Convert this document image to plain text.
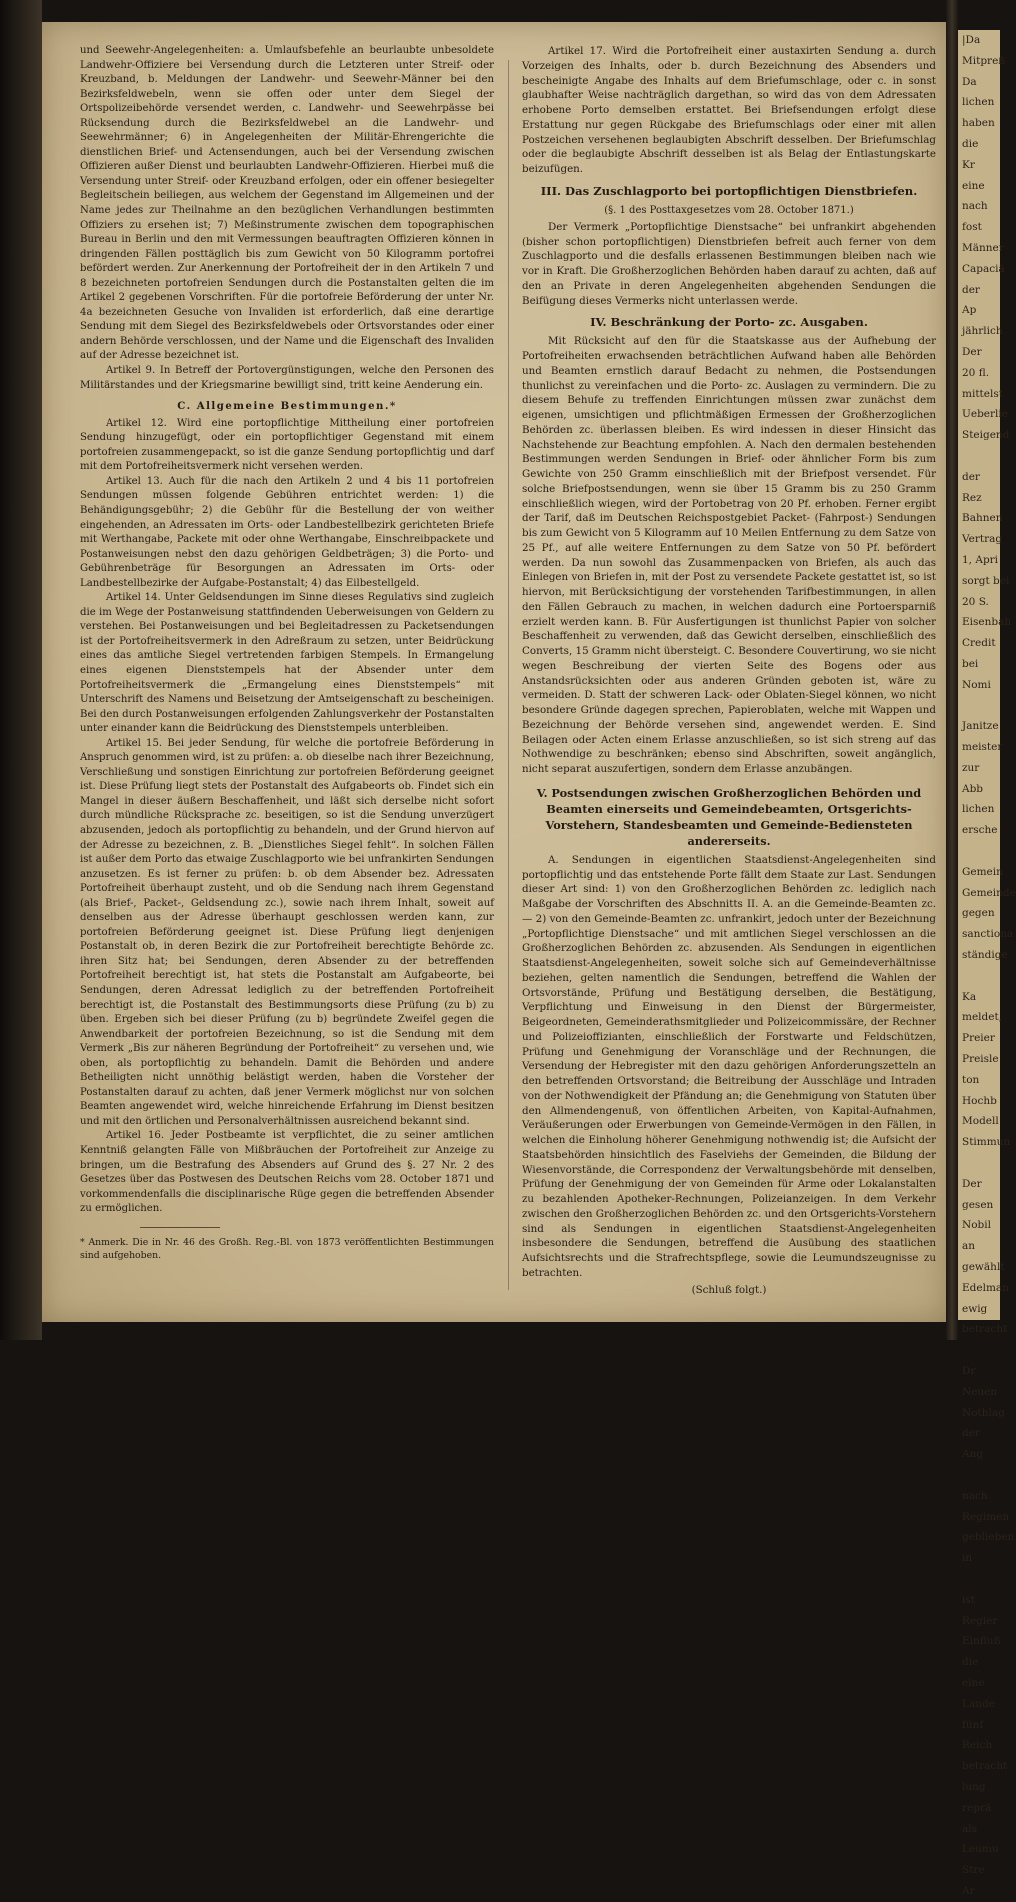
und Seewehr-Angelegenheiten: a. Umlaufsbefehle an beurlaubte unbesoldete Landwehr-Offiziere bei Versendung durch die Letzteren unter Streif- oder Kreuzband, b. Meldungen der Landwehr- und Seewehr-Männer bei den Bezirksfeldwebeln, wenn sie offen oder unter dem Siegel der Ortspolizeibehörde versendet werden, c. Landwehr- und Seewehrpässe bei Rücksendung durch die Bezirksfeldwebel an die Landwehr- und Seewehrmänner; 6) in Angelegenheiten der Militär-Ehrengerichte die dienstlichen Brief- und Actensendungen, auch bei der Versendung zwischen Offizieren außer Dienst und beurlaubten Landwehr-Offizieren. Hierbei muß die Versendung unter Streif- oder Kreuzband erfolgen, oder ein offener besiegelter Begleitschein beiliegen, aus welchem der Gegenstand im Allgemeinen und der Name jedes zur Theilnahme an den bezüglichen Verhandlungen bestimmten Offiziers zu ersehen ist; 7) Meßinstrumente zwischen dem topographischen Bureau in Berlin und den mit Vermessungen beauftragten Offizieren können in dringenden Fällen posttäglich bis zum Gewicht von 50 Kilogramm portofrei befördert werden. Zur Anerkennung der Portofreiheit der in den Artikeln 7 und 8 bezeichneten portofreien Sendungen durch die Postanstalten gelten die im Artikel 2 gegebenen Vorschriften. Für die portofreie Beförderung der unter Nr. 4a bezeichneten Gesuche von Invaliden ist erforderlich, daß eine derartige Sendung mit dem Siegel des Bezirksfeldwebels oder Ortsvorstandes oder einer andern Behörde verschlossen, und der Name und die Eigenschaft des Invaliden auf der Adresse bezeichnet ist.

Artikel 9. In Betreff der Portovergünstigungen, welche den Personen des Militärstandes und der Kriegsmarine bewilligt sind, tritt keine Aenderung ein.

C. Allgemeine Bestimmungen.*

Artikel 12. Wird eine portopflichtige Mittheilung einer portofreien Sendung hinzugefügt, oder ein portopflichtiger Gegenstand mit einem portofreien zusammengepackt, so ist die ganze Sendung portopflichtig und darf mit dem Portofreiheitsvermerk nicht versehen werden.

Artikel 13. Auch für die nach den Artikeln 2 und 4 bis 11 portofreien Sendungen müssen folgende Gebühren entrichtet werden: 1) die Behändigungsgebühr; 2) die Gebühr für die Bestellung der von weither eingehenden, an Adressaten im Orts- oder Landbestellbezirk gerichteten Briefe mit Werthangabe, Packete mit oder ohne Werthangabe, Einschreibpackete und Postanweisungen nebst den dazu gehörigen Geldbeträgen; 3) die Porto- und Gebührenbeträge für Besorgungen an Adressaten im Orts- oder Landbestellbezirke der Aufgabe-Postanstalt; 4) das Eilbestellgeld.

Artikel 14. Unter Geldsendungen im Sinne dieses Regulativs sind zugleich die im Wege der Postanweisung stattfindenden Ueberweisungen von Geldern zu verstehen. Bei Postanweisungen und bei Begleitadressen zu Packetsendungen ist der Portofreiheitsvermerk in den Adreßraum zu setzen, unter Beidrückung eines das amtliche Siegel vertretenden farbigen Stempels. In Ermangelung eines eigenen Dienststempels hat der Absender unter dem Portofreiheitsvermerk die „Ermangelung eines Dienststempels“ mit Unterschrift des Namens und Beisetzung der Amtseigenschaft zu bescheinigen. Bei den durch Postanweisungen erfolgenden Zahlungsverkehr der Postanstalten unter einander kann die Beidrückung des Dienststempels unterbleiben.

Artikel 15. Bei jeder Sendung, für welche die portofreie Beförderung in Anspruch genommen wird, ist zu prüfen: a. ob dieselbe nach ihrer Bezeichnung, Verschließung und sonstigen Einrichtung zur portofreien Beförderung geeignet ist. Diese Prüfung liegt stets der Postanstalt des Aufgabeorts ob. Findet sich ein Mangel in dieser äußern Beschaffenheit, und läßt sich derselbe nicht sofort durch mündliche Rücksprache zc. beseitigen, so ist die Sendung unverzügert abzusenden, jedoch als portopflichtig zu behandeln, und der Grund hiervon auf der Adresse zu bezeichnen, z. B. „Dienstliches Siegel fehlt“. In solchen Fällen ist außer dem Porto das etwaige Zuschlagporto wie bei unfrankirten Sendungen anzusetzen. Es ist ferner zu prüfen: b. ob dem Absender bez. Adressaten Portofreiheit überhaupt zusteht, und ob die Sendung nach ihrem Gegenstand (als Brief-, Packet-, Geldsendung zc.), sowie nach ihrem Inhalt, soweit auf denselben aus der Adresse überhaupt geschlossen werden kann, zur portofreien Beförderung geeignet ist. Diese Prüfung liegt denjenigen Postanstalt ob, in deren Bezirk die zur Portofreiheit berechtigte Behörde zc. ihren Sitz hat; bei Sendungen, deren Absender zu der betreffenden Portofreiheit berechtigt ist, hat stets die Postanstalt am Aufgabeorte, bei Sendungen, deren Adressat lediglich zu der betreffenden Portofreiheit berechtigt ist, die Postanstalt des Bestimmungsorts diese Prüfung (zu b) zu üben. Ergeben sich bei dieser Prüfung (zu b) begründete Zweifel gegen die Anwendbarkeit der portofreien Bezeichnung, so ist die Sendung mit dem Vermerk „Bis zur näheren Begründung der Portofreiheit“ zu versehen und, wie oben, als portopflichtig zu behandeln. Damit die Behörden und andere Betheiligten nicht unnöthig belästigt werden, haben die Vorsteher der Postanstalten darauf zu achten, daß jener Vermerk möglichst nur von solchen Beamten angewendet wird, welche hinreichende Erfahrung im Dienst besitzen und mit den örtlichen und Personalverhältnissen ausreichend bekannt sind.

Artikel 16. Jeder Postbeamte ist verpflichtet, die zu seiner amtlichen Kenntniß gelangten Fälle von Mißbräuchen der Portofreiheit zur Anzeige zu bringen, um die Bestrafung des Absenders auf Grund des §. 27 Nr. 2 des Gesetzes über das Postwesen des Deutschen Reichs vom 28. October 1871 und vorkommendenfalls die disciplinarische Rüge gegen die betreffenden Absender zu ermöglichen.

* Anmerk. Die in Nr. 46 des Großh. Reg.-Bl. von 1873 veröffentlichten Bestimmungen sind aufgehoben.

Artikel 17. Wird die Portofreiheit einer austaxirten Sendung a. durch Vorzeigen des Inhalts, oder b. durch Bezeichnung des Absenders und bescheinigte Angabe des Inhalts auf dem Briefumschlage, oder c. in sonst glaubhafter Weise nachträglich dargethan, so wird das von dem Adressaten erhobene Porto demselben erstattet. Bei Briefsendungen erfolgt diese Erstattung nur gegen Rückgabe des Briefumschlags oder einer mit allen Postzeichen versehenen beglaubigten Abschrift desselben. Der Briefumschlag oder die beglaubigte Abschrift desselben ist als Belag der Entlastungskarte beizufügen.

III. Das Zuschlagporto bei portopflichtigen Dienstbriefen.

(§. 1 des Posttaxgesetzes vom 28. October 1871.)

Der Vermerk „Portopflichtige Dienstsache“ bei unfrankirt abgehenden (bisher schon portopflichtigen) Dienstbriefen befreit auch ferner von dem Zuschlagporto und die desfalls erlassenen Bestimmungen bleiben nach wie vor in Kraft. Die Großherzoglichen Behörden haben darauf zu achten, daß auf den an Private in deren Angelegenheiten abgehenden Sendungen die Beifügung dieses Vermerks nicht unterlassen werde.

IV. Beschränkung der Porto- zc. Ausgaben.

Mit Rücksicht auf den für die Staatskasse aus der Aufhebung der Portofreiheiten erwachsenden beträchtlichen Aufwand haben alle Behörden und Beamten ernstlich darauf Bedacht zu nehmen, die Postsendungen thunlichst zu vereinfachen und die Porto- zc. Auslagen zu vermindern. Die zu diesem Behufe zu treffenden Einrichtungen müssen zwar zunächst dem eigenen, umsichtigen und pflichtmäßigen Ermessen der Großherzoglichen Behörden zc. überlassen bleiben. Es wird indessen in dieser Hinsicht das Nachstehende zur Beachtung empfohlen. A. Nach den dermalen bestehenden Bestimmungen werden Sendungen in Brief- oder ähnlicher Form bis zum Gewichte von 250 Gramm einschließlich mit der Briefpost versendet. Für solche Briefpostsendungen, wenn sie über 15 Gramm bis zu 250 Gramm einschließlich wiegen, wird der Portobetrag von 20 Pf. erhoben. Ferner ergibt der Tarif, daß im Deutschen Reichspostgebiet Packet- (Fahrpost-) Sendungen bis zum Gewicht von 5 Kilogramm auf 10 Meilen Entfernung zu dem Satze von 25 Pf., auf alle weitere Entfernungen zu dem Satze von 50 Pf. befördert werden. Da nun sowohl das Zusammenpacken von Briefen, als auch das Einlegen von Briefen in, mit der Post zu versendete Packete gestattet ist, so ist hiervon, mit Berücksichtigung der vorstehenden Tarifbestimmungen, in allen den Fällen Gebrauch zu machen, in welchen dadurch eine Portoersparniß erzielt werden kann. B. Für Ausfertigungen ist thunlichst Papier von solcher Beschaffenheit zu verwenden, daß das Gewicht derselben, einschließlich des Converts, 15 Gramm nicht übersteigt. C. Besondere Couvertirung, wo sie nicht wegen Beschreibung der vierten Seite des Bogens oder aus Anstandsrücksichten oder aus anderen Gründen geboten ist, wäre zu vermeiden. D. Statt der schweren Lack- oder Oblaten-Siegel können, wo nicht besondere Gründe dagegen sprechen, Papieroblaten, welche mit Wappen und Bezeichnung der Behörde versehen sind, angewendet werden. E. Sind Beilagen oder Acten einem Erlasse anzuschließen, so ist sich streng auf das Nothwendige zu beschränken; ebenso sind Abschriften, soweit angänglich, nicht separat auszufertigen, sondern dem Erlasse anzubängen.

V. Postsendungen zwischen Großherzoglichen Behörden und Beamten einerseits und Gemeindebeamten, Ortsgerichts-Vorstehern, Standesbeamten und Gemeinde-Bediensteten andererseits.

A. Sendungen in eigentlichen Staatsdienst-Angelegenheiten sind portopflichtig und das entstehende Porte fällt dem Staate zur Last. Sendungen dieser Art sind: 1) von den Großherzoglichen Behörden zc. lediglich nach Maßgabe der Vorschriften des Abschnitts II. A. an die Gemeinde-Beamten zc. — 2) von den Gemeinde-Beamten zc. unfrankirt, jedoch unter der Bezeichnung „Portopflichtige Dienstsache“ und mit amtlichen Siegel verschlossen an die Großherzoglichen Behörden zc. abzusenden. Als Sendungen in eigentlichen Staatsdienst-Angelegenheiten, soweit solche sich auf Gemeindeverhältnisse beziehen, gelten namentlich die Sendungen, betreffend die Wahlen der Ortsvorstände, Prüfung und Bestätigung derselben, die Bestätigung, Verpflichtung und Einweisung in den Dienst der Bürgermeister, Beigeordneten, Gemeinderathsmitglieder und Polizeicommissäre, der Rechner und Polizeioffizianten, einschließlich der Forstwarte und Feldschützen, Prüfung und Genehmigung der Voranschläge und der Rechnungen, die Versendung der Hebregister mit den dazu gehörigen Anforderungszetteln an den betreffenden Ortsvorstand; die Beitreibung der Ausschläge und Intraden von der Nothwendigkeit der Pfändung an; die Genehmigung von Statuten über den Allmendengenuß, von öffentlichen Arbeiten, von Kapital-Aufnahmen, Veräußerungen oder Erwerbungen von Gemeinde-Vermögen in den Fällen, in welchen die Einholung höherer Genehmigung nothwendig ist; die Aufsicht der Staatsbehörden hinsichtlich des Faselviehs der Gemeinden, die Bildung der Wiesenvorstände, die Correspondenz der Verwaltungsbehörde mit denselben, Prüfung der Genehmigung der von Gemeinden für Arme oder Lokalanstalten zu bezahlenden Apotheker-Rechnungen, Polizeianzeigen. In dem Verkehr zwischen den Großherzoglichen Behörden zc. und den Ortsgerichts-Vorstehern sind als Sendungen in eigentlichen Staatsdienst-Angelegenheiten insbesondere die Sendungen, betreffend die Ausübung des staatlichen Aufsichtsrechts und die Strafrechtspflege, sowie die Leumundszeugnisse zu betrachten.

(Schluß folgt.)

|Da
Mitpreß
Da
lichen
haben
die
Kr
eine
nach
fost
Männer
Capaciä
der
Ap
jährlich
Der
20 fl.
mittelst
Ueberlie
Steigend
der
Rez
Bahnen
Vertrag
1, Apri
sorgt bei
20 S.
Eisenbah
Credit
bei
Nomi
Janitze
meister
zur
Abb
lichen
ersche
Gemein
Gemeinde
gegen
sanctiona
ständige
Ka
meldet,
Preier
Preisle
ton
Hochb
Modell
Stimmun
Der
gesen
Nobil
an
gewählt
Edelman
ewig
betracht
Dr
Neuen
Nothlag
der
Ang
nach
Regimen
geblieben
in
ist
Regier
Einfluß
die
eine
Lande
fünf
Reich
betracht
lung
reprä
als
Leumu
Stre
Ar
